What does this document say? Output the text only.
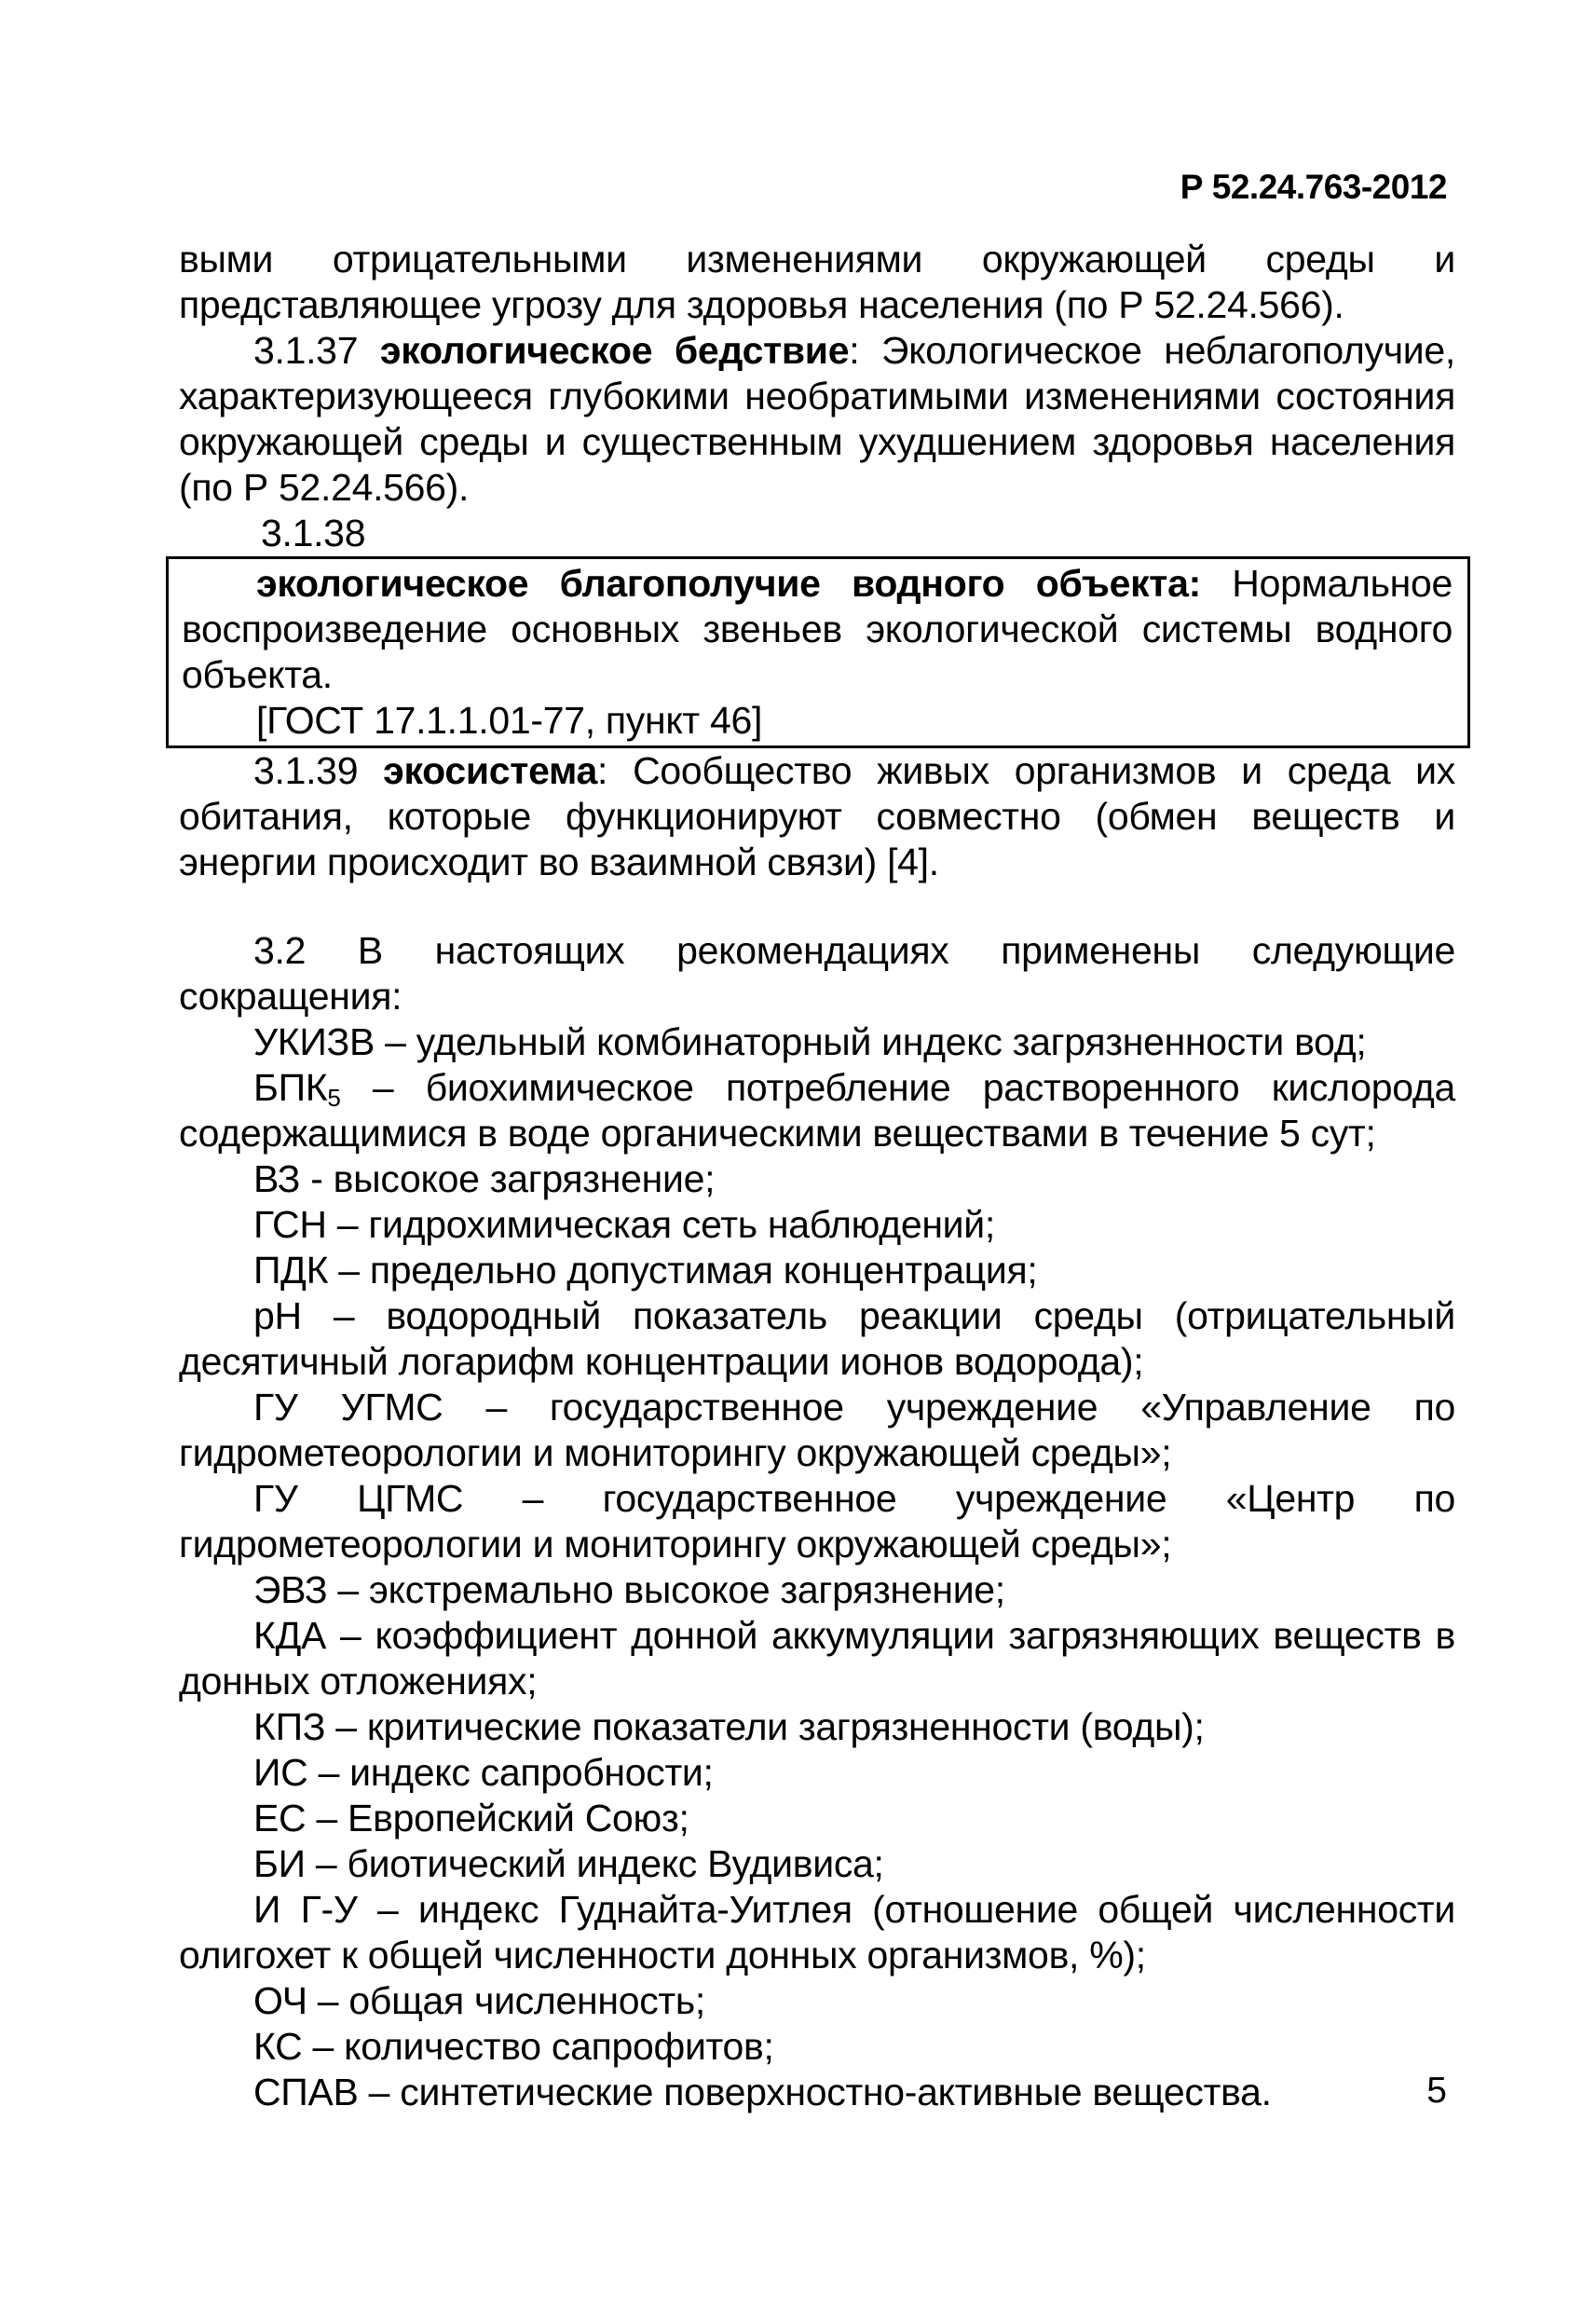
Р 52.24.763-2012

выми отрицательными изменениями окружающей среды и представляющее угрозу для здоровья населения (по Р 52.24.566).

3.1.37 экологическое бедствие: Экологическое неблагополучие, характеризующееся глубокими необратимыми изменениями состояния окружающей среды и существенным ухудшением здоровья населения (по Р 52.24.566).

3.1.38

экологическое благополучие водного объекта: Нормальное воспроизведение основных звеньев экологической системы водного объекта.

[ГОСТ 17.1.1.01-77, пункт 46]

3.1.39 экосистема: Сообщество живых организмов и среда их обитания, которые функционируют совместно (обмен веществ и энергии происходит во взаимной связи) [4].

3.2 В настоящих рекомендациях применены следующие сокращения:

УКИЗВ – удельный комбинаторный индекс загрязненности вод;

$БПК_5$ – биохимическое потребление растворенного кислорода содержащимися в воде органическими веществами в течение 5 сут;

ВЗ - высокое загрязнение;

ГСН – гидрохимическая сеть наблюдений;

ПДК – предельно допустимая концентрация;

pH – водородный показатель реакции среды (отрицательный десятичный логарифм концентрации ионов водорода);

ГУ УГМС – государственное учреждение «Управление по гидрометеорологии и мониторингу окружающей среды»;

ГУ ЦГМС – государственное учреждение «Центр по гидрометеорологии и мониторингу окружающей среды»;

ЭВЗ – экстремально высокое загрязнение;

КДА – коэффициент донной аккумуляции загрязняющих веществ в донных отложениях;

КПЗ – критические показатели загрязненности (воды);

ИС – индекс сапробности;

ЕС – Европейский Союз;

БИ – биотический индекс Вудивиса;

И Г-У – индекс Гуднайта-Уитлея (отношение общей численности олигохет к общей численности донных организмов, %);

ОЧ – общая численность;

КС – количество сапрофитов;

СПАВ – синтетические поверхностно-активные вещества.	5
